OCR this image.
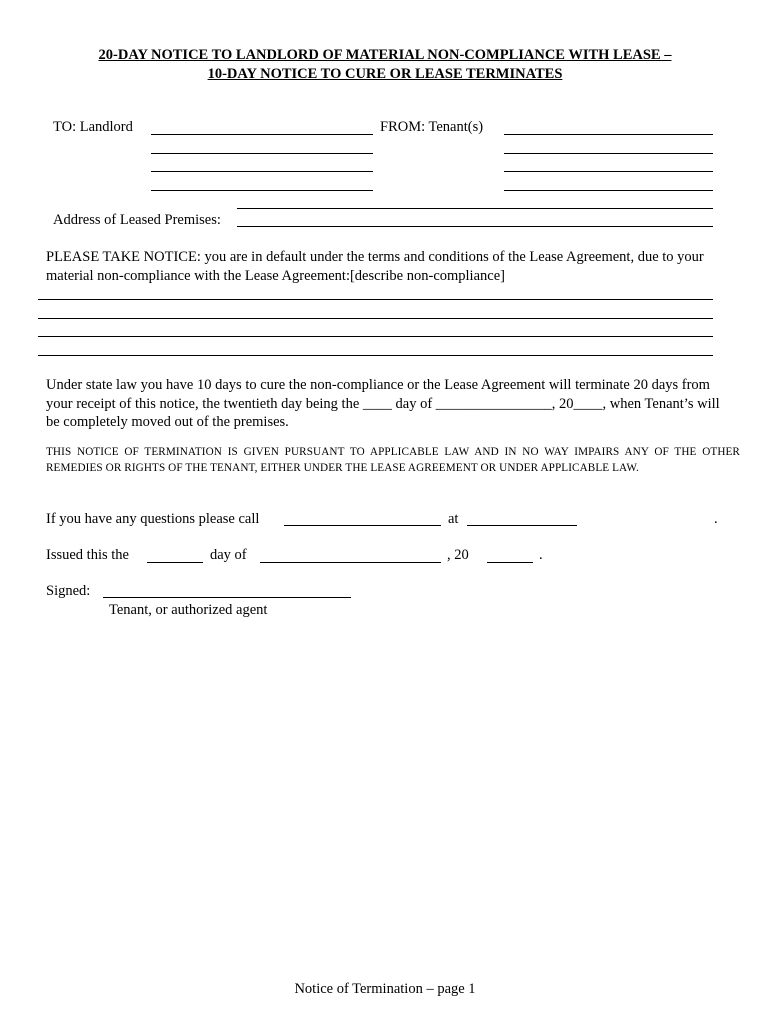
20-DAY NOTICE TO LANDLORD OF MATERIAL NON-COMPLIANCE WITH LEASE –
10-DAY NOTICE TO CURE OR LEASE TERMINATES
TO: Landlord	FROM: Tenant(s)
Address of Leased Premises:
PLEASE TAKE NOTICE: you are in default under the terms and conditions of the Lease Agreement, due to your material non-compliance with the Lease Agreement:[describe non-compliance]
Under state law you have 10 days to cure the non-compliance or the Lease Agreement will terminate 20 days from your receipt of this notice, the twentieth day being the ____ day of ________________, 20____, when Tenant’s will be completely moved out of the premises.
THIS NOTICE OF TERMINATION IS GIVEN PURSUANT TO APPLICABLE LAW AND IN NO WAY IMPAIRS ANY OF THE OTHER REMEDIES OR RIGHTS OF THE TENANT, EITHER UNDER THE LEASE AGREEMENT OR UNDER APPLICABLE LAW.
If you have any questions please call	at	.
Issued this the	day of	, 20	.
Signed:
Tenant, or authorized agent
Notice of Termination – page 1
